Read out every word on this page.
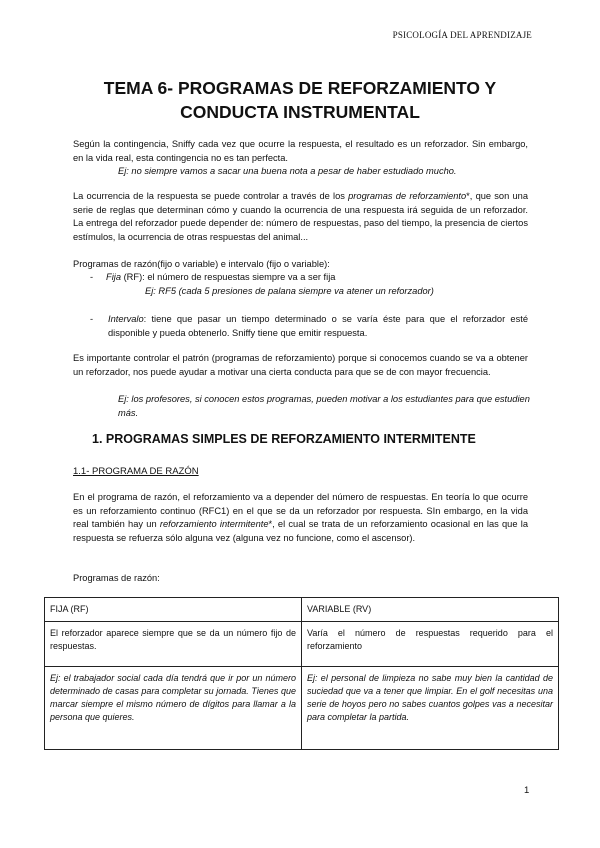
PSICOLOGÍA DEL APRENDIZAJE
TEMA 6- PROGRAMAS DE REFORZAMIENTO Y CONDUCTA INSTRUMENTAL
Según la contingencia, Sniffy cada vez que ocurre la respuesta, el resultado es un reforzador. Sin embargo, en la vida real, esta contingencia no es tan perfecta.
Ej: no siempre vamos a sacar una buena nota a pesar de haber estudiado mucho.
La ocurrencia de la respuesta se puede controlar a través de los programas de reforzamiento*, que son una serie de reglas que determinan cómo y cuando la ocurrencia de una respuesta irá seguida de un reforzador. La entrega del reforzador puede depender de: número de respuestas, paso del tiempo, la presencia de ciertos estímulos, la ocurrencia de otras respuestas del animal...
Programas de razón(fijo o variable) e intervalo (fijo o variable):
-     Fija (RF): el número de respuestas siempre va a ser fija
Ej: RF5 (cada 5 presiones de palana siempre va atener un reforzador)
- Intervalo: tiene que pasar un tiempo determinado o se varía éste para que el reforzador esté disponible y pueda obtenerlo. Sniffy tiene que emitir respuesta.
Es importante controlar el patrón (programas de reforzamiento) porque si conocemos cuando se va a obtener un reforzador, nos puede ayudar a motivar una cierta conducta para que se de con mayor frecuencia.
Ej: los profesores, si conocen estos programas, pueden motivar a los estudiantes para que estudien más.
1. PROGRAMAS SIMPLES DE REFORZAMIENTO INTERMITENTE
1.1- PROGRAMA DE RAZÓN
En el programa de razón, el reforzamiento va a depender del número de respuestas. En teoría lo que ocurre es un reforzamiento continuo (RFC1) en el que se da un reforzador por respuesta. SIn embargo, en la vida real también hay un reforzamiento intermitente*, el cual se trata de un reforzamiento ocasional en las que la respuesta se refuerza sólo alguna vez (alguna vez no funcione, como el ascensor).
Programas de razón:
FIJA (RF)	VARIABLE (RV)
El reforzador aparece siempre que se da un número fijo de respuestas.	Varía el número de respuestas requerido para el reforzamiento
Ej: el trabajador social cada día tendrá que ir por un número determinado de casas para completar su jornada. Tienes que marcar siempre el mismo número de dígitos para llamar a la persona que quieres.	Ej: el personal de limpieza no sabe muy bien la cantidad de suciedad que va a tener que limpiar. En el golf necesitas una serie de hoyos pero no sabes cuantos golpes vas a necesitar para completar la partida.
1
